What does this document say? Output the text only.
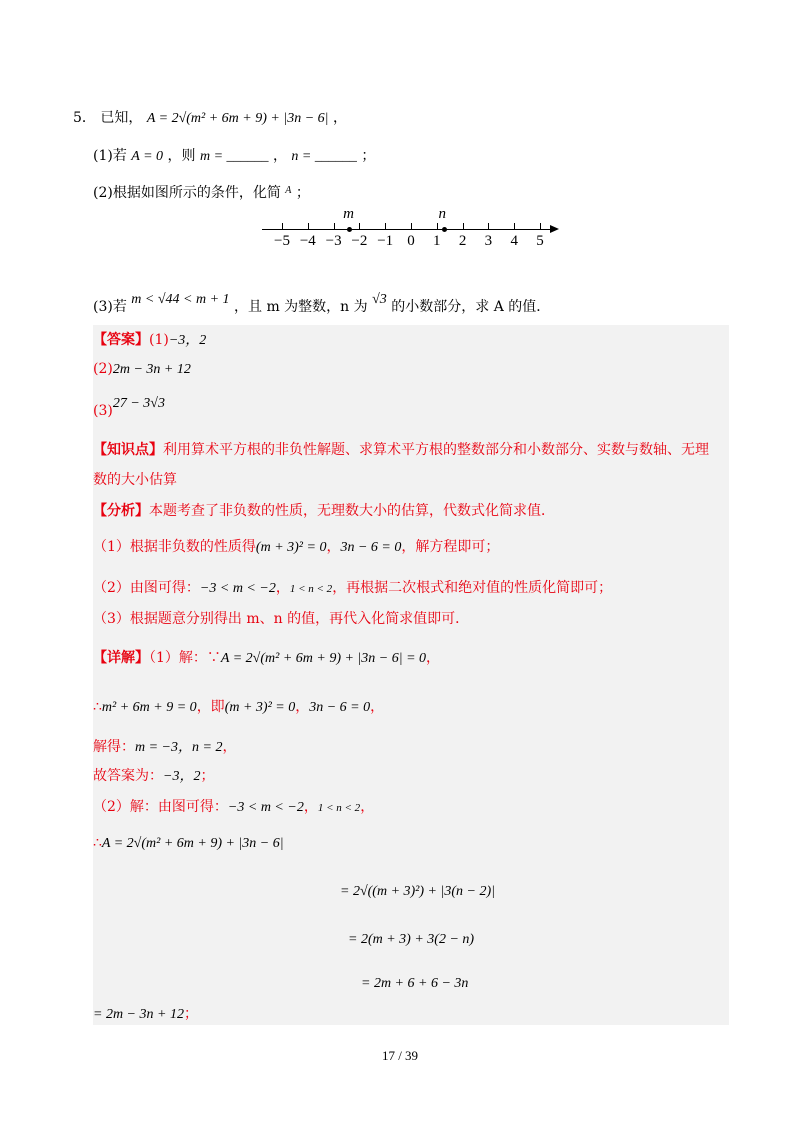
5． 已知， A = 2√(m² + 6m + 9) + |3n − 6| ，
(1)若 A = 0 ，则 m = ______ ， n = ______ ；
(2)根据如图所示的条件，化简 $^A$ ；
−5 −4 −3 −2 −1 0 1 2 3 4 5
m	n
(3)若 m < √44 < m + 1 ，且 m 为整数，n 为 √3 的小数部分，求 A 的值．
【答案】(1)−3，2
(2)2m − 3n + 12
(3)27 − 3√3
【知识点】利用算术平方根的非负性解题、求算术平方根的整数部分和小数部分、实数与数轴、无理
数的大小估算
【分析】本题考查了非负数的性质，无理数大小的估算，代数式化简求值．
（1）根据非负数的性质得(m + 3)² = 0，3n − 6 = 0，解方程即可；
（2）由图可得：−3 < m < −2，1 < n < 2，再根据二次根式和绝对值的性质化简即可；
（3）根据题意分别得出 m、n 的值，再代入化简求值即可．
【详解】（1）解：∵A = 2√(m² + 6m + 9) + |3n − 6| = 0，
∴m² + 6m + 9 = 0，即(m + 3)² = 0，3n − 6 = 0，
解得：m = −3，n = 2，
故答案为：−3，2；
（2）解：由图可得：−3 < m < −2，1 < n < 2，
∴A = 2√(m² + 6m + 9) + |3n − 6|
= 2√((m + 3)²) + |3(n − 2)|
= 2(m + 3) + 3(2 − n)
= 2m + 6 + 6 − 3n
= 2m − 3n + 12；
17 / 39
